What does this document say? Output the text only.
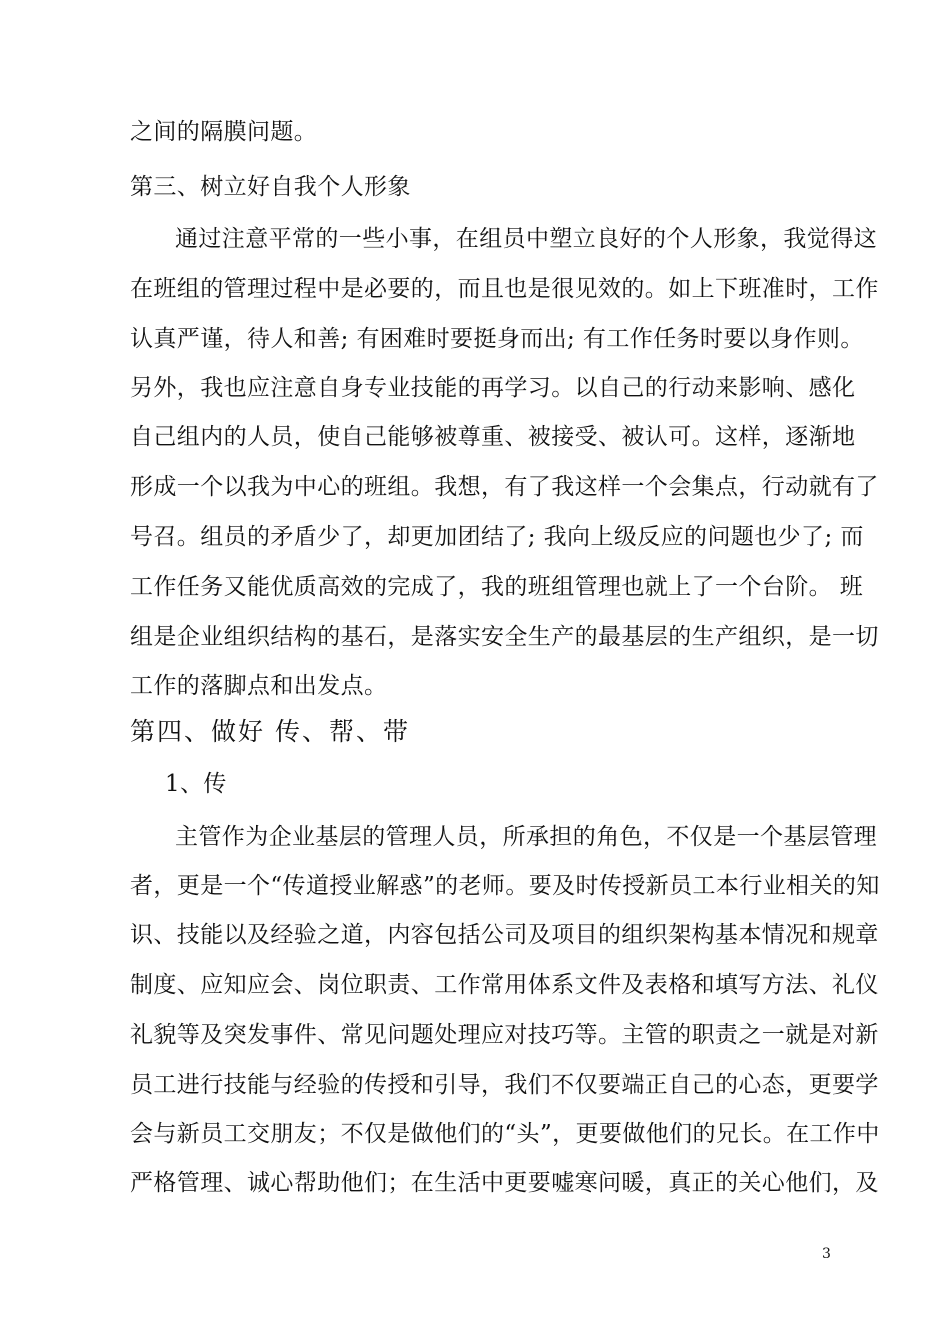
之间的隔膜问题。
第三、树立好自我个人形象
通过注意平常的一些小事，在组员中塑立良好的个人形象，我觉得这
在班组的管理过程中是必要的，而且也是很见效的。如上下班准时，工作
认真严谨，待人和善; 有困难时要挺身而出; 有工作任务时要以身作则。
另外，我也应注意自身专业技能的再学习。以自己的行动来影响、感化
自己组内的人员，使自己能够被尊重、被接受、被认可。这样，逐渐地
形成一个以我为中心的班组。我想，有了我这样一个会集点，行动就有了
号召。组员的矛盾少了，却更加团结了; 我向上级反应的问题也少了; 而
工作任务又能优质高效的完成了，我的班组管理也就上了一个台阶。 班
组是企业组织结构的基石，是落实安全生产的最基层的生产组织，是一切
工作的落脚点和出发点。
第四、做好 传、帮、带
1、传
主管作为企业基层的管理人员，所承担的角色，不仅是一个基层管理
者，更是一个“传道授业解惑”的老师。要及时传授新员工本行业相关的知
识、技能以及经验之道，内容包括公司及项目的组织架构基本情况和规章
制度、应知应会、岗位职责、工作常用体系文件及表格和填写方法、礼仪
礼貌等及突发事件、常见问题处理应对技巧等。主管的职责之一就是对新
员工进行技能与经验的传授和引导，我们不仅要端正自己的心态，更要学
会与新员工交朋友；不仅是做他们的“头”，更要做他们的兄长。在工作中
严格管理、诚心帮助他们；在生活中更要嘘寒问暖，真正的关心他们，及
3
